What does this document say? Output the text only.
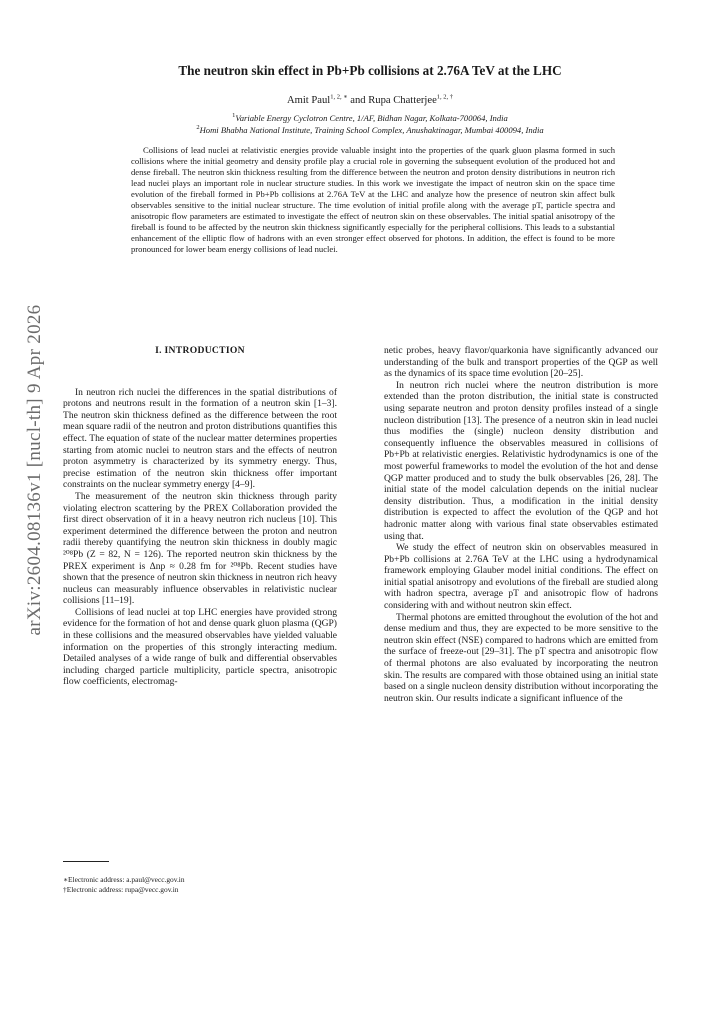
arXiv:2604.08136v1 [nucl-th] 9 Apr 2026
The neutron skin effect in Pb+Pb collisions at 2.76A TeV at the LHC
Amit Paul$^{1, 2, ∗}$ and Rupa Chatterjee$^{1, 2, \dagger}$
$^1$Variable Energy Cyclotron Centre, 1/AF, Bidhan Nagar, Kolkata-700064, India
$^2$Homi Bhabha National Institute, Training School Complex, Anushaktinagar, Mumbai 400094, India
Collisions of lead nuclei at relativistic energies provide valuable insight into the properties of the quark gluon plasma formed in such collisions where the initial geometry and density profile play a crucial role in governing the subsequent evolution of the produced hot and dense fireball. The neutron skin thickness resulting from the difference between the neutron and proton density distributions in neutron rich lead nuclei plays an important role in nuclear structure studies. In this work we investigate the impact of neutron skin on the space time evolution of the fireball formed in Pb+Pb collisions at 2.76A TeV at the LHC and analyze how the presence of neutron skin affect bulk observables sensitive to the initial nuclear structure. The time evolution of initial profile along with the average pT, particle spectra and anisotropic flow parameters are estimated to investigate the effect of neutron skin on these observables. The initial spatial anisotropy of the fireball is found to be affected by the neutron skin thickness significantly especially for the peripheral collisions. This leads to a substantial enhancement of the elliptic flow of hadrons with an even stronger effect observed for photons. In addition, the effect is found to be more pronounced for lower beam energy collisions of lead nuclei.
I. INTRODUCTION

In neutron rich nuclei the differences in the spatial distributions of protons and neutrons result in the formation of a neutron skin [1–3]. The neutron skin thickness defined as the difference between the root mean square radii of the neutron and proton distributions quantifies this effect. The equation of state of the nuclear matter determines properties starting from atomic nuclei to neutron stars and the effects of neutron proton asymmetry is characterized by its symmetry energy. Thus, precise estimation of the neutron skin thickness offer important constraints on the nuclear symmetry energy [4–9].

The measurement of the neutron skin thickness through parity violating electron scattering by the PREX Collaboration provided the first direct observation of it in a heavy neutron rich nucleus [10]. This experiment determined the difference between the proton and neutron radii thereby quantifying the neutron skin thickness in doubly magic ²⁰⁸Pb (Z = 82, N = 126). The reported neutron skin thickness by the PREX experiment is Δnp ≈ 0.28 fm for ²⁰⁸Pb. Recent studies have shown that the presence of neutron skin thickness in neutron rich heavy nucleus can measurably influence observables in relativistic nuclear collisions [11–19].

Collisions of lead nuclei at top LHC energies have provided strong evidence for the formation of hot and dense quark gluon plasma (QGP) in these collisions and the measured observables have yielded valuable information on the properties of this strongly interacting medium. Detailed analyses of a wide range of bulk and differential observables including charged particle multiplicity, particle spectra, anisotropic flow coefficients, electromag-

netic probes, heavy flavor/quarkonia have significantly advanced our understanding of the bulk and transport properties of the QGP as well as the dynamics of its space time evolution [20–25].

In neutron rich nuclei where the neutron distribution is more extended than the proton distribution, the initial state is constructed using separate neutron and proton density profiles instead of a single nucleon distribution [13]. The presence of a neutron skin in lead nuclei thus modifies the (single) nucleon density distribution and consequently influence the observables measured in collisions of Pb+Pb at relativistic energies. Relativistic hydrodynamics is one of the most powerful frameworks to model the evolution of the hot and dense QGP matter produced and to study the bulk observables [26, 28]. The initial state of the model calculation depends on the initial nuclear density distribution. Thus, a modification in the initial density distribution is expected to affect the evolution of the QGP and hot hadronic matter along with various final state observables estimated using that.

We study the effect of neutron skin on observables measured in Pb+Pb collisions at 2.76A TeV at the LHC using a hydrodynamical framework employing Glauber model initial conditions. The effect on initial spatial anisotropy and evolutions of the fireball are studied along with hadron spectra, average pT and anisotropic flow of hadrons considering with and without neutron skin effect.

Thermal photons are emitted throughout the evolution of the hot and dense medium and thus, they are expected to be more sensitive to the neutron skin effect (NSE) compared to hadrons which are emitted from the surface of freeze-out [29–31]. The pT spectra and anisotropic flow of thermal photons are also evaluated by incorporating the neutron skin. The results are compared with those obtained using an initial state based on a single nucleon density distribution without incorporating the neutron skin. Our results indicate a significant influence of the

∗Electronic address: a.paul@vecc.gov.in
†Electronic address: rupa@vecc.gov.in
